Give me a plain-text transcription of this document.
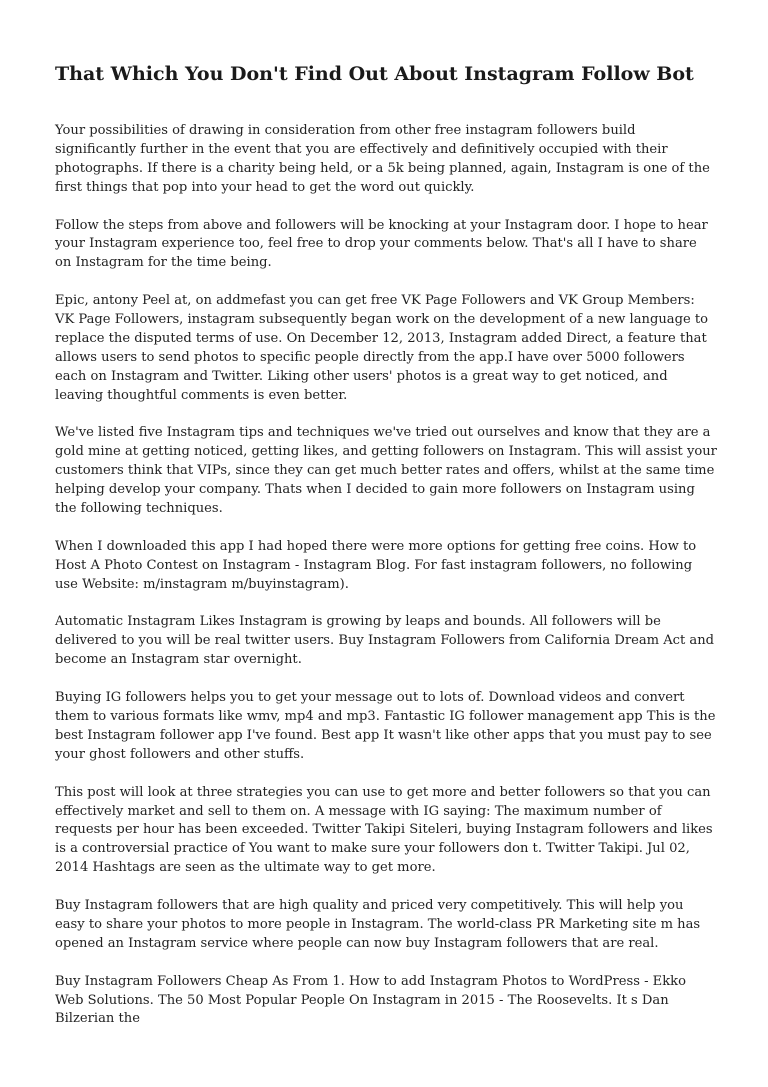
That Which You Don't Find Out About Instagram Follow Bot

Your possibilities of drawing in consideration from other free instagram followers build significantly further in the event that you are effectively and definitively occupied with their photographs. If there is a charity being held, or a 5k being planned, again, Instagram is one of the first things that pop into your head to get the word out quickly.

Follow the steps from above and followers will be knocking at your Instagram door. I hope to hear your Instagram experience too, feel free to drop your comments below. That's all I have to share on Instagram for the time being.

Epic, antony Peel at, on addmefast you can get free VK Page Followers and VK Group Members: VK Page Followers, instagram subsequently began work on the development of a new language to replace the disputed terms of use. On December 12, 2013, Instagram added Direct, a feature that allows users to send photos to specific people directly from the app.I have over 5000 followers each on Instagram and Twitter. Liking other users' photos is a great way to get noticed, and leaving thoughtful comments is even better.

We've listed five Instagram tips and techniques we've tried out ourselves and know that they are a gold mine at getting noticed, getting likes, and getting followers on Instagram. This will assist your customers think that VIPs, since they can get much better rates and offers, whilst at the same time helping develop your company. Thats when I decided to gain more followers on Instagram using the following techniques.

When I downloaded this app I had hoped there were more options for getting free coins. How to Host A Photo Contest on Instagram - Instagram Blog. For fast instagram followers, no following use Website: m/instagram m/buyinstagram).

Automatic Instagram Likes Instagram is growing by leaps and bounds. All followers will be delivered to you will be real twitter users. Buy Instagram Followers from California Dream Act and become an Instagram star overnight.

Buying IG followers helps you to get your message out to lots of. Download videos and convert them to various formats like wmv, mp4 and mp3. Fantastic IG follower management app This is the best Instagram follower app I've found. Best app It wasn't like other apps that you must pay to see your ghost followers and other stuffs.

This post will look at three strategies you can use to get more and better followers so that you can effectively market and sell to them on. A message with IG saying: The maximum number of requests per hour has been exceeded. Twitter Takipi Siteleri, buying Instagram followers and likes is a controversial practice of You want to make sure your followers don t. Twitter Takipi. Jul 02, 2014 Hashtags are seen as the ultimate way to get more.

Buy Instagram followers that are high quality and priced very competitively. This will help you easy to share your photos to more people in Instagram. The world-class PR Marketing site m has opened an Instagram service where people can now buy Instagram followers that are real.

Buy Instagram Followers Cheap As From 1. How to add Instagram Photos to WordPress - Ekko Web Solutions. The 50 Most Popular People On Instagram in 2015 - The Roosevelts. It s Dan Bilzerian the
